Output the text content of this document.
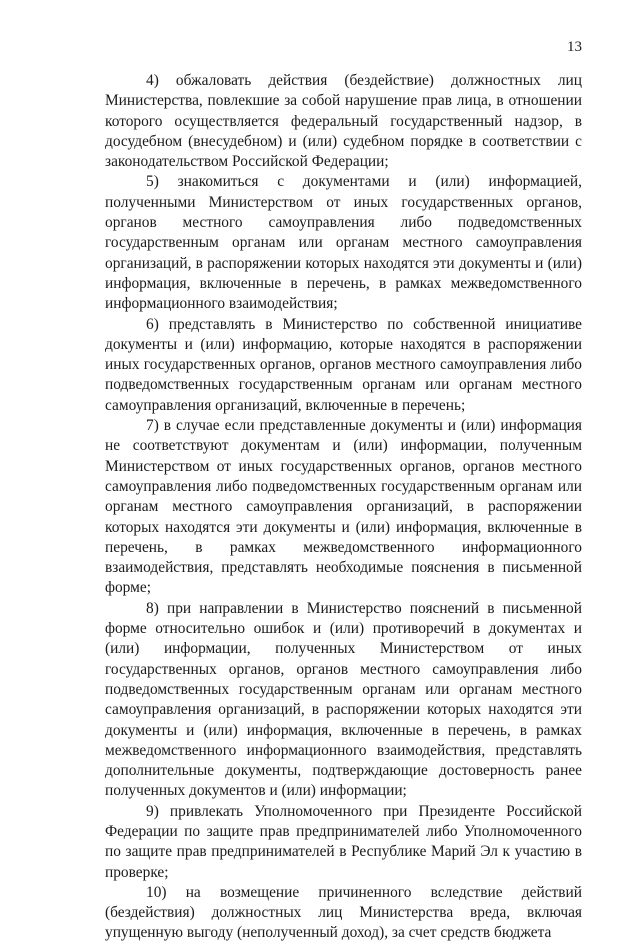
13

4) обжаловать действия (бездействие) должностных лиц Министерства, повлекшие за собой нарушение прав лица, в отношении которого осуществляется федеральный государственный надзор, в досудебном (внесудебном) и (или) судебном порядке в соответствии с законодательством Российской Федерации;

5) знакомиться с документами и (или) информацией, полученными Министерством от иных государственных органов, органов местного самоуправления либо подведомственных государственным органам или органам местного самоуправления организаций, в распоряжении которых находятся эти документы и (или) информация, включенные в перечень, в рамках межведомственного информационного взаимодействия;

6) представлять в Министерство по собственной инициативе документы и (или) информацию, которые находятся в распоряжении иных государственных органов, органов местного самоуправления либо подведомственных государственным органам или органам местного самоуправления организаций, включенные в перечень;

7) в случае если представленные документы и (или) информация не соответствуют документам и (или) информации, полученным Министерством от иных государственных органов, органов местного самоуправления либо подведомственных государственным органам или органам местного самоуправления организаций, в распоряжении которых находятся эти документы и (или) информация, включенные в перечень, в рамках межведомственного информационного взаимодействия, представлять необходимые пояснения в письменной форме;

8) при направлении в Министерство пояснений в письменной форме относительно ошибок и (или) противоречий в документах и (или) информации, полученных Министерством от иных государственных органов, органов местного самоуправления либо подведомственных государственным органам или органам местного самоуправления организаций, в распоряжении которых находятся эти документы и (или) информация, включенные в перечень, в рамках межведомственного информационного взаимодействия, представлять дополнительные документы, подтверждающие достоверность ранее полученных документов и (или) информации;

9) привлекать Уполномоченного при Президенте Российской Федерации по защите прав предпринимателей либо Уполномоченного по защите прав предпринимателей в Республике Марий Эл к участию в проверке;

10) на возмещение причиненного вследствие действий (бездействия) должностных лиц Министерства вреда, включая упущенную выгоду (неполученный доход), за счет средств бюджета
